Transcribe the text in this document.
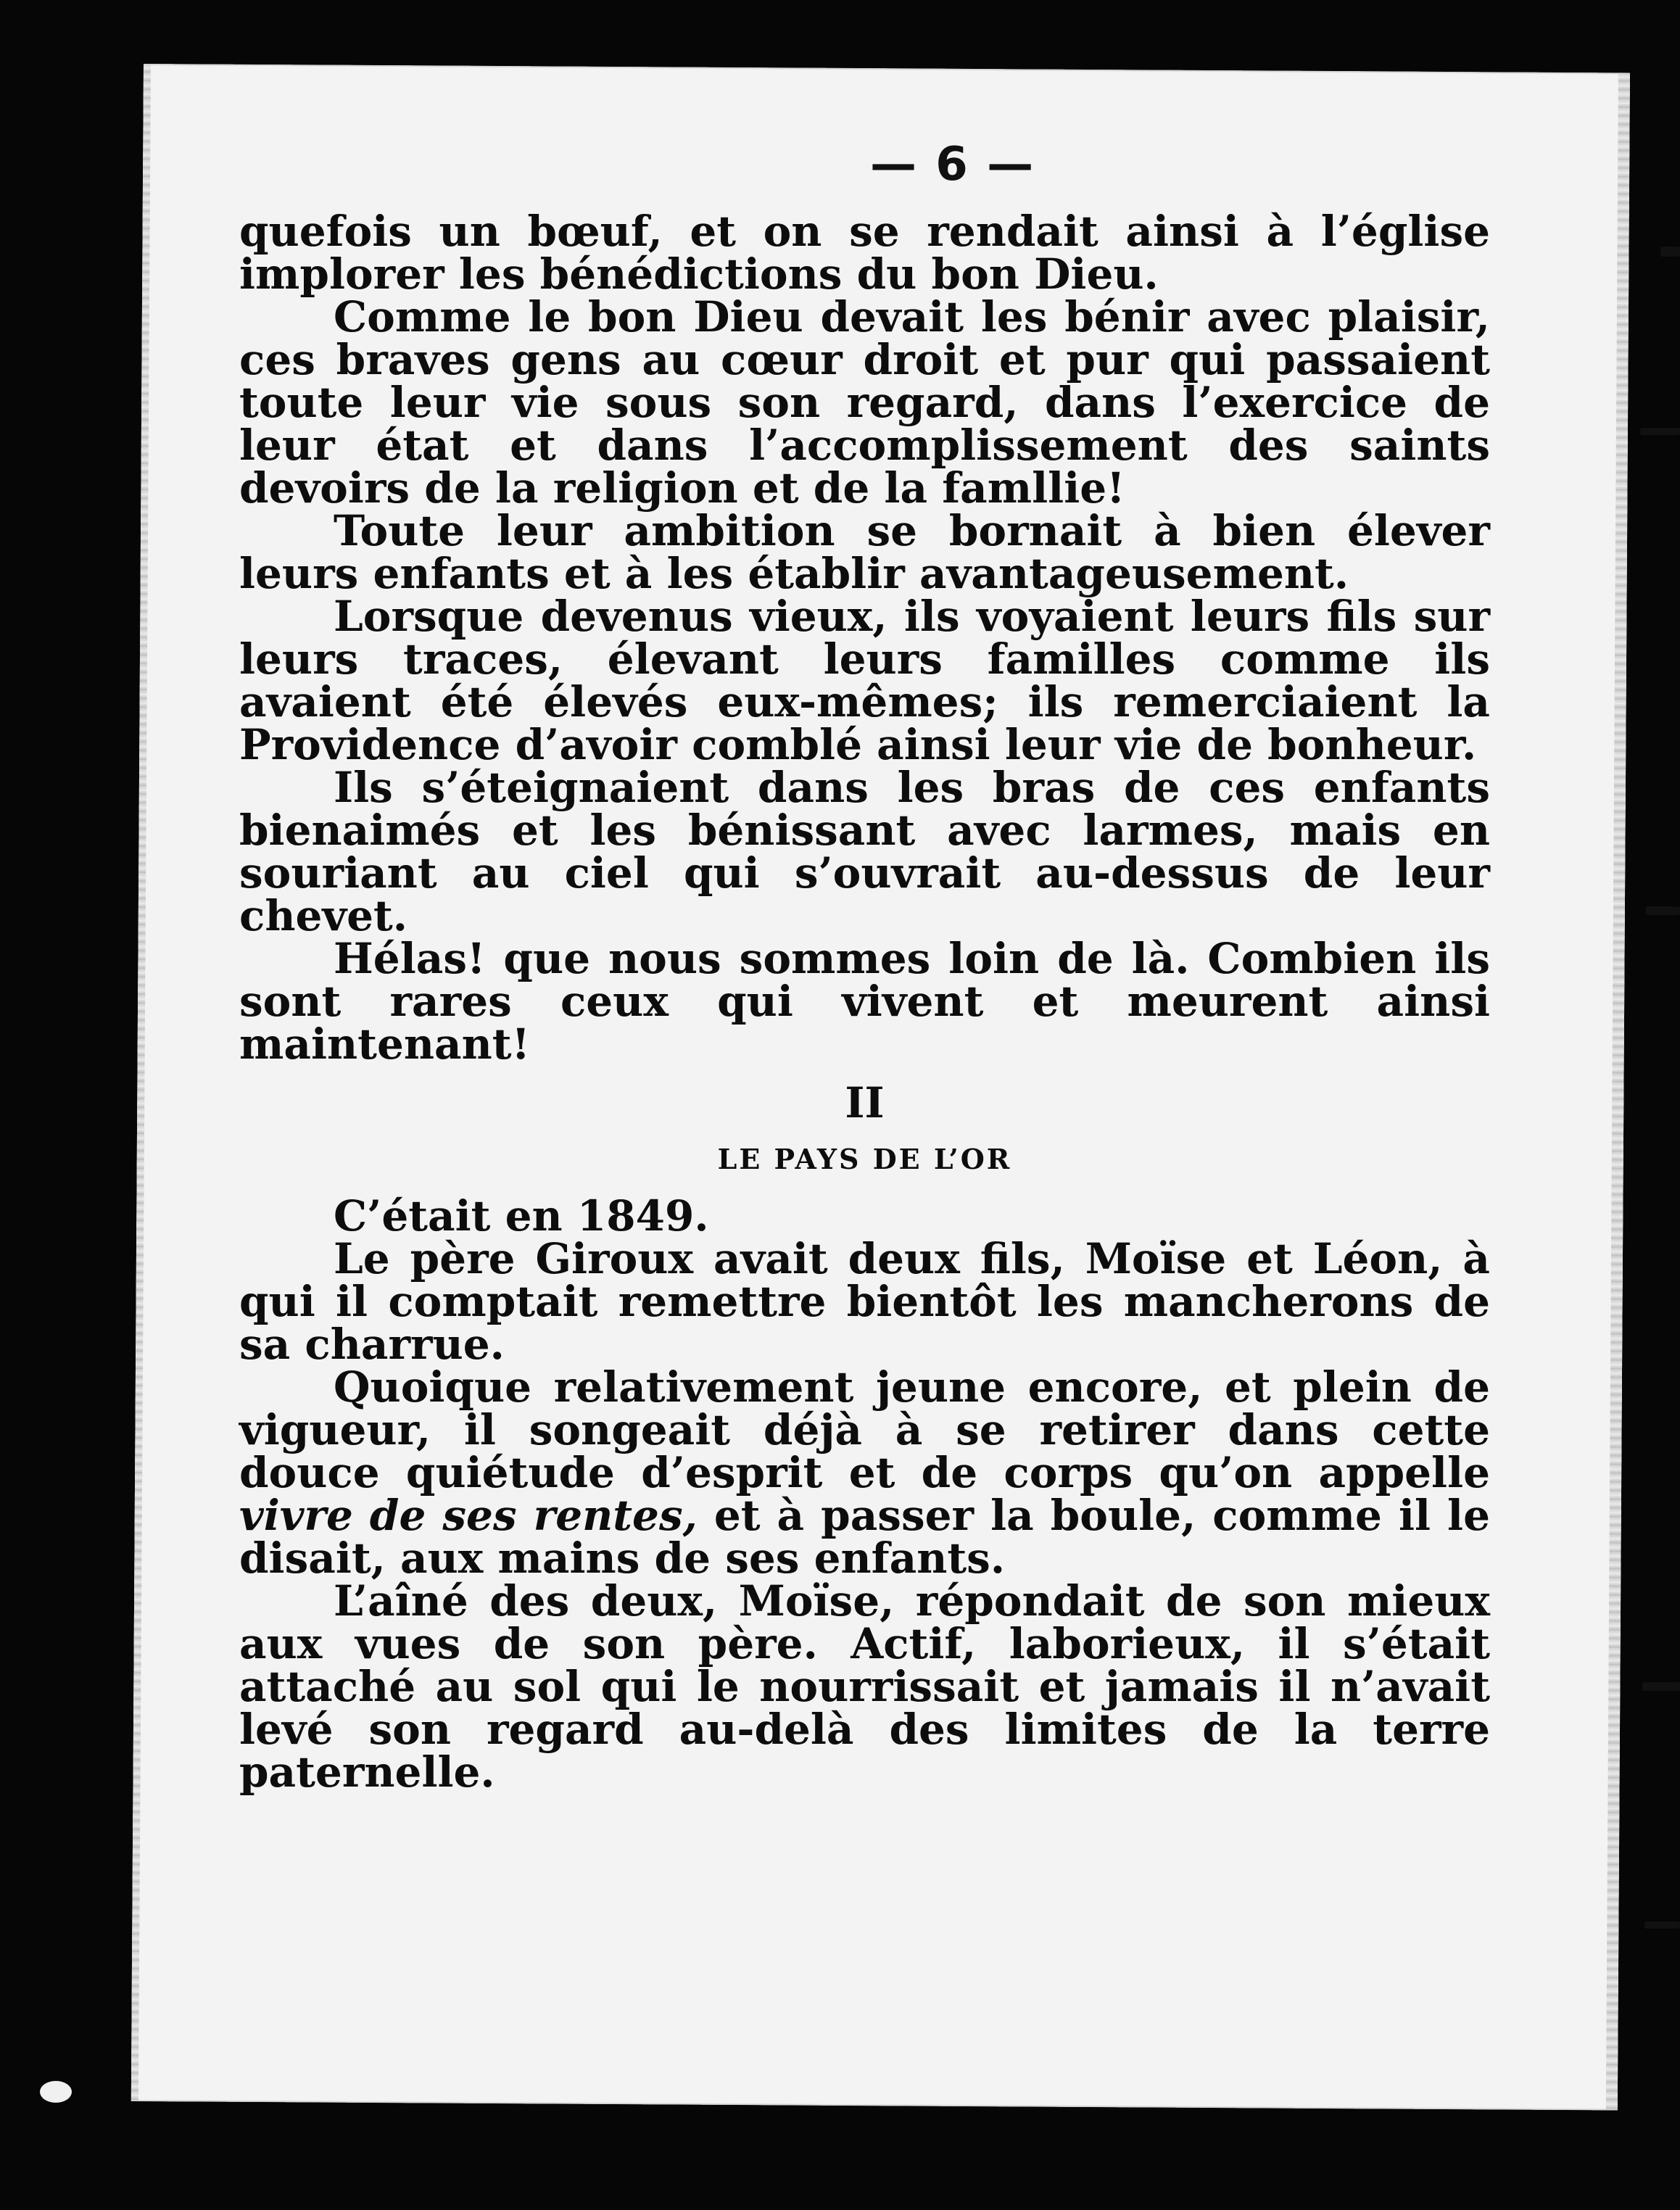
— 6 —

quefois un bœuf, et on se rendait ainsi à l’église implorer les bénédictions du bon Dieu.

Comme le bon Dieu devait les bénir avec plaisir, ces braves gens au cœur droit et pur qui passaient toute leur vie sous son regard, dans l’exercice de leur état et dans l’accomplissement des saints devoirs de la religion et de la famllie!

Toute leur ambition se bornait à bien élever leurs enfants et à les établir avantageusement.

Lorsque devenus vieux, ils voyaient leurs fils sur leurs traces, élevant leurs familles comme ils avaient été élevés eux-mêmes; ils remerciaient la Providence d’avoir comblé ainsi leur vie de bonheur.

Ils s’éteignaient dans les bras de ces enfants bienaimés et les bénissant avec larmes, mais en souriant au ciel qui s’ouvrait au-dessus de leur chevet.

Hélas! que nous sommes loin de là. Combien ils sont rares ceux qui vivent et meurent ainsi maintenant!

II
LE PAYS DE L’OR

C’était en 1849.

Le père Giroux avait deux fils, Moïse et Léon, à qui il comptait remettre bientôt les mancherons de sa charrue.

Quoique relativement jeune encore, et plein de vigueur, il songeait déjà à se retirer dans cette douce quiétude d’esprit et de corps qu’on appelle vivre de ses rentes, et à passer la boule, comme il le disait, aux mains de ses enfants.

L’aîné des deux, Moïse, répondait de son mieux aux vues de son père. Actif, laborieux, il s’était attaché au sol qui le nourrissait et jamais il n’avait levé son regard au-delà des limites de la terre paternelle.
